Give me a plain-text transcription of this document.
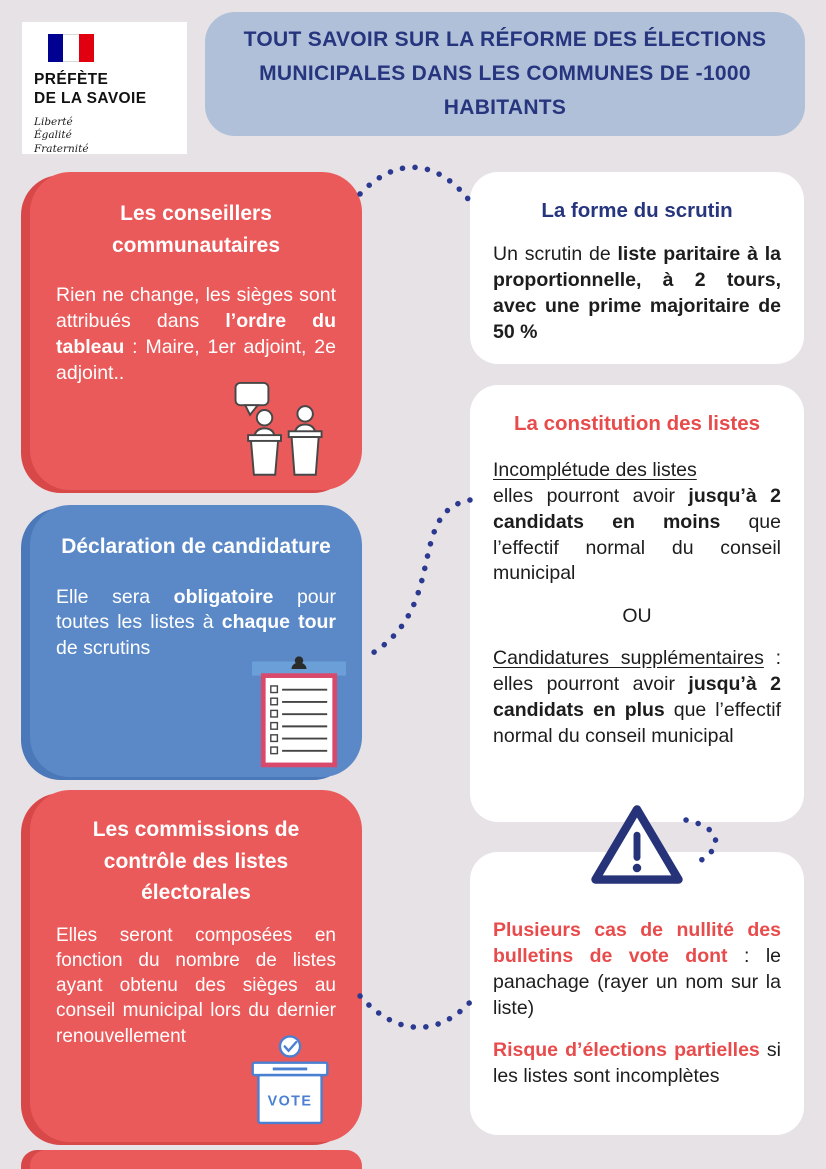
PRÉFÈTE
DE LA SAVOIE
Liberté
Égalité
Fraternité
TOUT SAVOIR SUR LA RÉFORME DES ÉLECTIONS MUNICIPALES DANS LES COMMUNES DE -1000 HABITANTS
Les conseillers communautaires

Rien ne change, les sièges sont attribués dans l’ordre du tableau : Maire, 1er adjoint, 2e adjoint..

Déclaration de candidature

Elle sera obligatoire pour toutes les listes à chaque tour de scrutins

Les commissions de contrôle des listes électorales

Elles seront composées en fonction du nombre de listes ayant obtenu des sièges au conseil municipal lors du dernier renouvellement

VOTE
La forme du scrutin

Un scrutin de liste paritaire à la proportionnelle, à 2 tours, avec une prime majoritaire de 50 %

La constitution des listes

Incomplétude des listes
elles pourront avoir jusqu’à 2 candidats en moins que l’effectif normal du conseil municipal

OU

Candidatures supplémentaires : elles pourront avoir jusqu’à 2 candidats en plus que l’effectif normal du conseil municipal

Plusieurs cas de nullité des bulletins de vote dont : le panachage (rayer un nom sur la liste)

Risque d’élections partielles si les listes sont incomplètes
